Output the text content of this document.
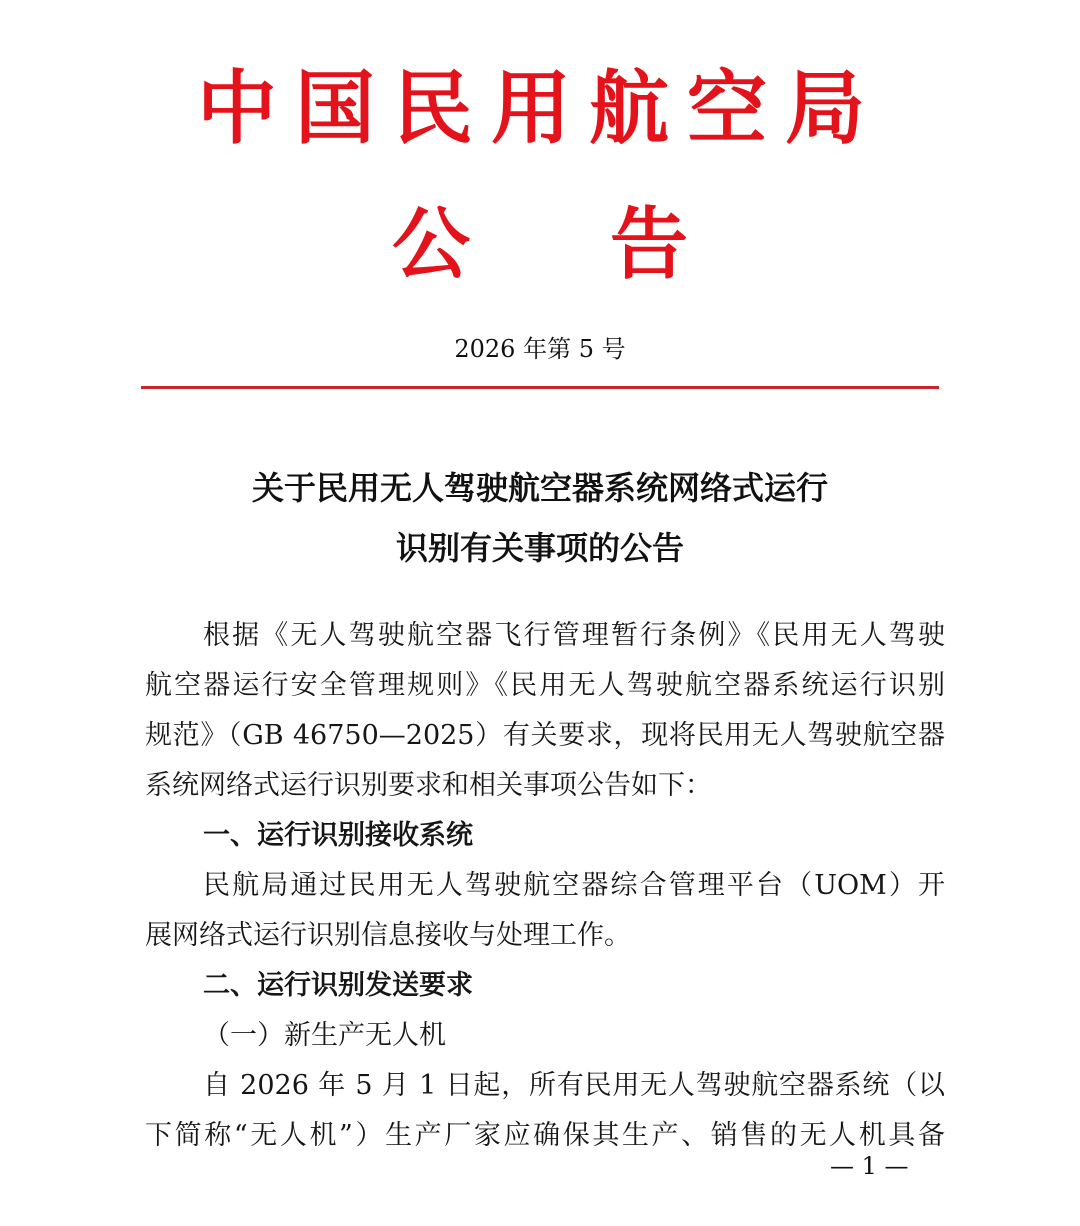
中国民用航空局
公 告
2026 年第 5 号
关于民用无人驾驶航空器系统网络式运行
识别有关事项的公告
根据《无人驾驶航空器飞行管理暂行条例》《民用无人驾驶
航空器运行安全管理规则》《民用无人驾驶航空器系统运行识别
规范》（GB 46750—2025）有关要求，现将民用无人驾驶航空器
系统网络式运行识别要求和相关事项公告如下：
一、运行识别接收系统
民航局通过民用无人驾驶航空器综合管理平台（UOM）开
展网络式运行识别信息接收与处理工作。
二、运行识别发送要求
（一）新生产无人机
自 2026 年 5 月 1 日起，所有民用无人驾驶航空器系统（以
下简称“无人机”）生产厂家应确保其生产、销售的无人机具备
— 1 —
